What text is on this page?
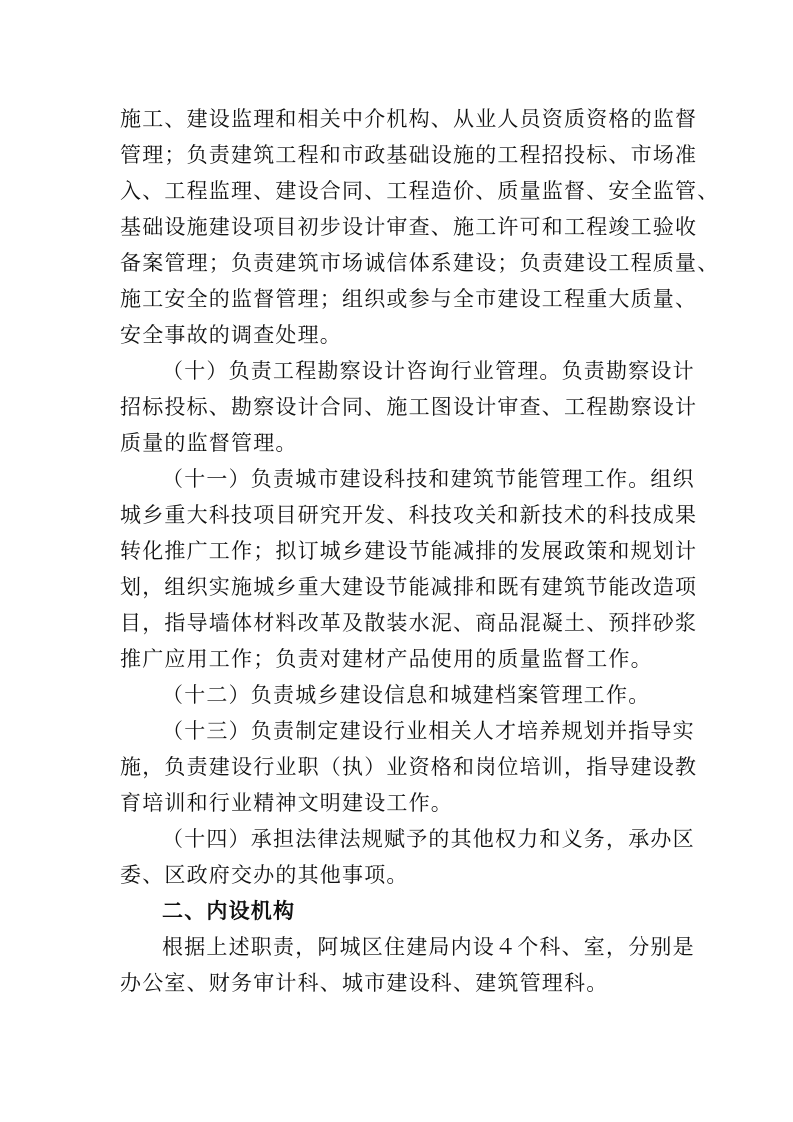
施工、建设监理和相关中介机构、从业人员资质资格的监督
管理；负责建筑工程和市政基础设施的工程招投标、市场准
入、工程监理、建设合同、工程造价、质量监督、安全监管、
基础设施建设项目初步设计审查、施工许可和工程竣工验收
备案管理；负责建筑市场诚信体系建设；负责建设工程质量、
施工安全的监督管理；组织或参与全市建设工程重大质量、
安全事故的调查处理。
（十）负责工程勘察设计咨询行业管理。负责勘察设计
招标投标、勘察设计合同、施工图设计审查、工程勘察设计
质量的监督管理。
（十一）负责城市建设科技和建筑节能管理工作。组织
城乡重大科技项目研究开发、科技攻关和新技术的科技成果
转化推广工作；拟订城乡建设节能减排的发展政策和规划计
划，组织实施城乡重大建设节能减排和既有建筑节能改造项
目，指导墙体材料改革及散装水泥、商品混凝土、预拌砂浆
推广应用工作；负责对建材产品使用的质量监督工作。
（十二）负责城乡建设信息和城建档案管理工作。
（十三）负责制定建设行业相关人才培养规划并指导实
施，负责建设行业职（执）业资格和岗位培训，指导建设教
育培训和行业精神文明建设工作。
（十四）承担法律法规赋予的其他权力和义务，承办区
委、区政府交办的其他事项。
二、内设机构
根据上述职责，阿城区住建局内设４个科、室，分别是
办公室、财务审计科、城市建设科、建筑管理科。
